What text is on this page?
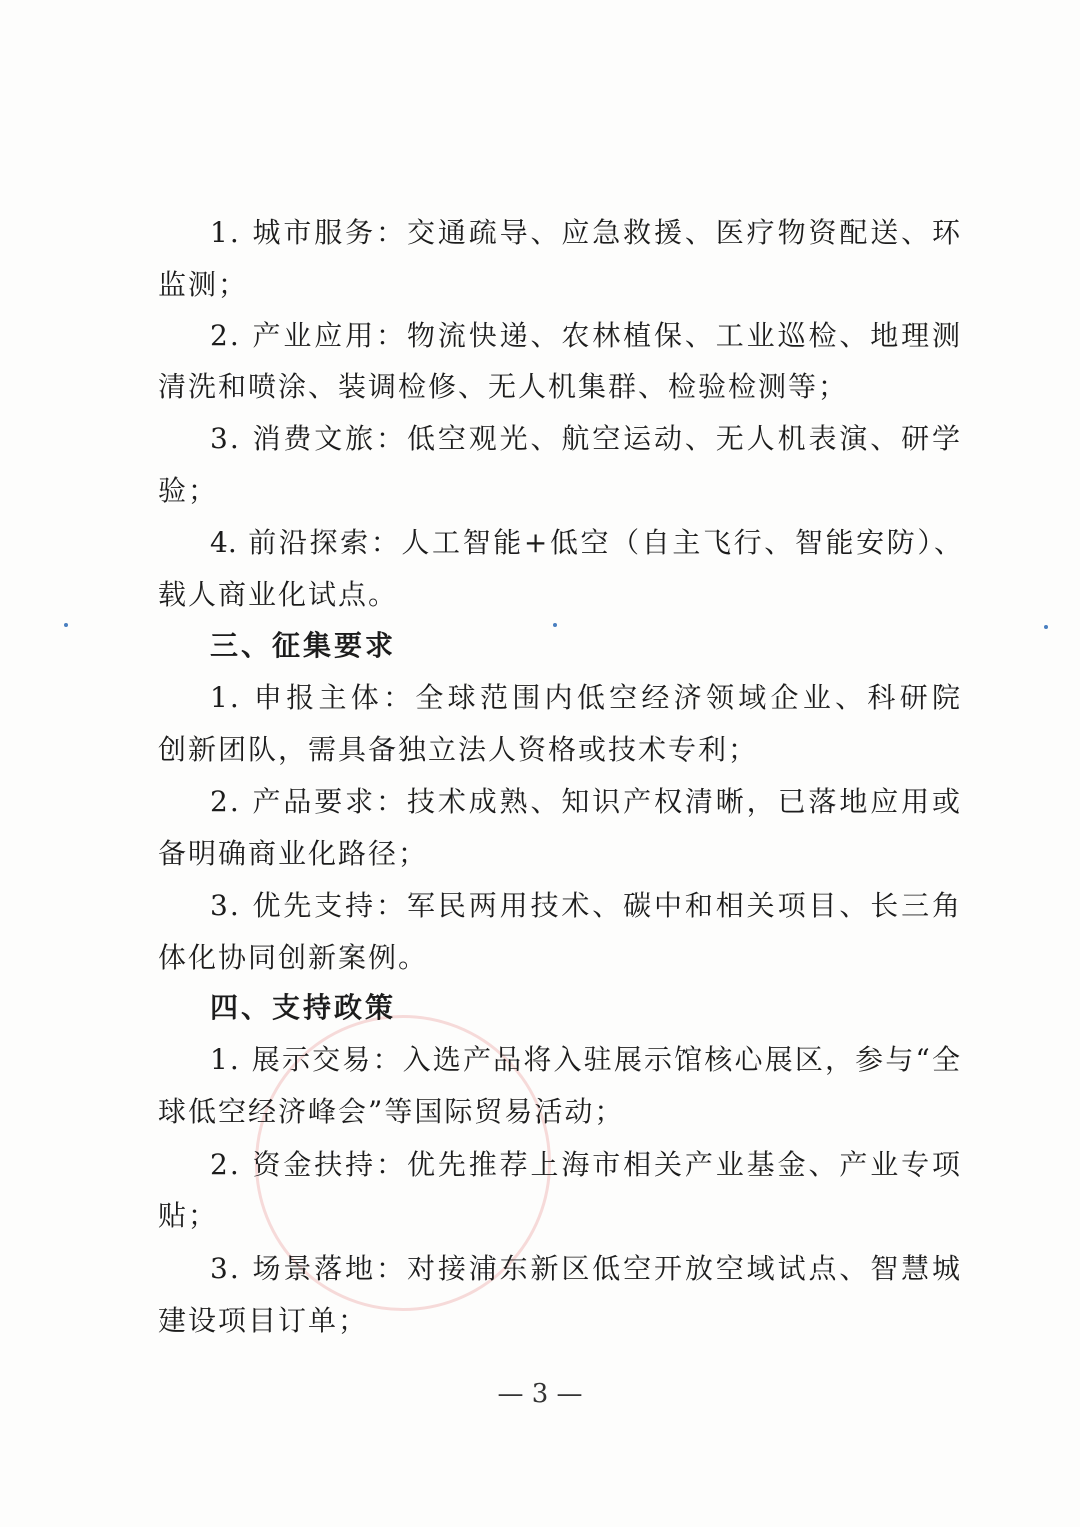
1. 城市服务：交通疏导、应急救援、医疗物资配送、环
监测；
2. 产业应用：物流快递、农林植保、工业巡检、地理测
清洗和喷涂、装调检修、无人机集群、检验检测等；
3. 消费文旅：低空观光、航空运动、无人机表演、研学
验；
4. 前沿探索：人工智能+低空（自主飞行、智能安防）、
载人商业化试点。
三、征集要求
1. 申报主体：全球范围内低空经济领域企业、科研院
创新团队，需具备独立法人资格或技术专利；
2. 产品要求：技术成熟、知识产权清晰，已落地应用或
备明确商业化路径；
3. 优先支持：军民两用技术、碳中和相关项目、长三角
体化协同创新案例。
四、支持政策
1. 展示交易：入选产品将入驻展示馆核心展区，参与“全
球低空经济峰会”等国际贸易活动；
2. 资金扶持：优先推荐上海市相关产业基金、产业专项
贴；
3. 场景落地：对接浦东新区低空开放空域试点、智慧城
建设项目订单；
— 3 —
